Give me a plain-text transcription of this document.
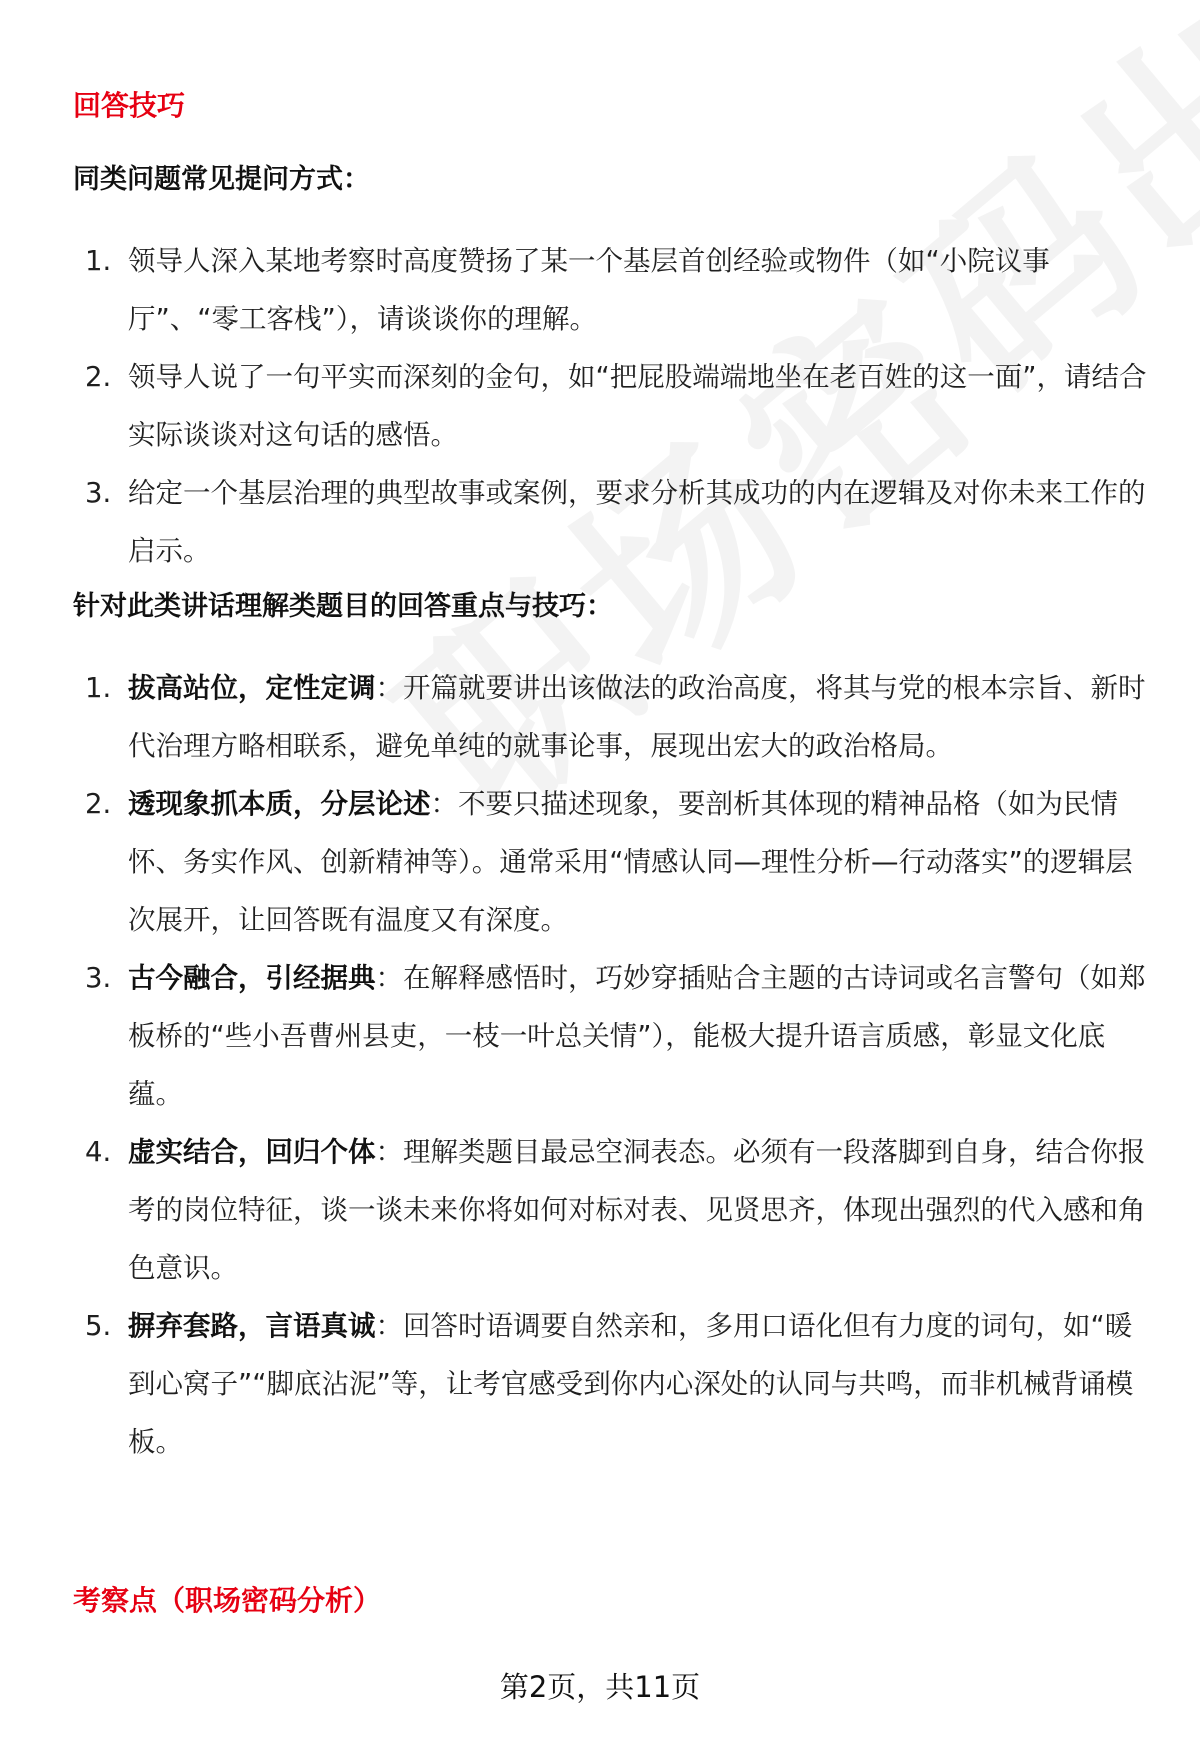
回答技巧
同类问题常见提问方式：
1. 领导人深入某地考察时高度赞扬了某一个基层首创经验或物件（如“小院议事厅”、“零工客栈”），请谈谈你的理解。
2. 领导人说了一句平实而深刻的金句，如“把屁股端端地坐在老百姓的这一面”，请结合实际谈谈对这句话的感悟。
3. 给定一个基层治理的典型故事或案例，要求分析其成功的内在逻辑及对你未来工作的启示。
针对此类讲话理解类题目的回答重点与技巧：
1. 拔高站位，定性定调：开篇就要讲出该做法的政治高度，将其与党的根本宗旨、新时代治理方略相联系，避免单纯的就事论事，展现出宏大的政治格局。
2. 透现象抓本质，分层论述：不要只描述现象，要剖析其体现的精神品格（如为民情怀、务实作风、创新精神等）。通常采用“情感认同—理性分析—行动落实”的逻辑层次展开，让回答既有温度又有深度。
3. 古今融合，引经据典：在解释感悟时，巧妙穿插贴合主题的古诗词或名言警句（如郑板桥的“些小吾曹州县吏，一枝一叶总关情”），能极大提升语言质感，彰显文化底蕴。
4. 虚实结合，回归个体：理解类题目最忌空洞表态。必须有一段落脚到自身，结合你报考的岗位特征，谈一谈未来你将如何对标对表、见贤思齐，体现出强烈的代入感和角色意识。
5. 摒弃套路，言语真诚：回答时语调要自然亲和，多用口语化但有力度的词句，如“暖到心窝子”“脚底沾泥”等，让考官感受到你内心深处的认同与共鸣，而非机械背诵模板。
考察点（职场密码分析）
第2页，共11页
